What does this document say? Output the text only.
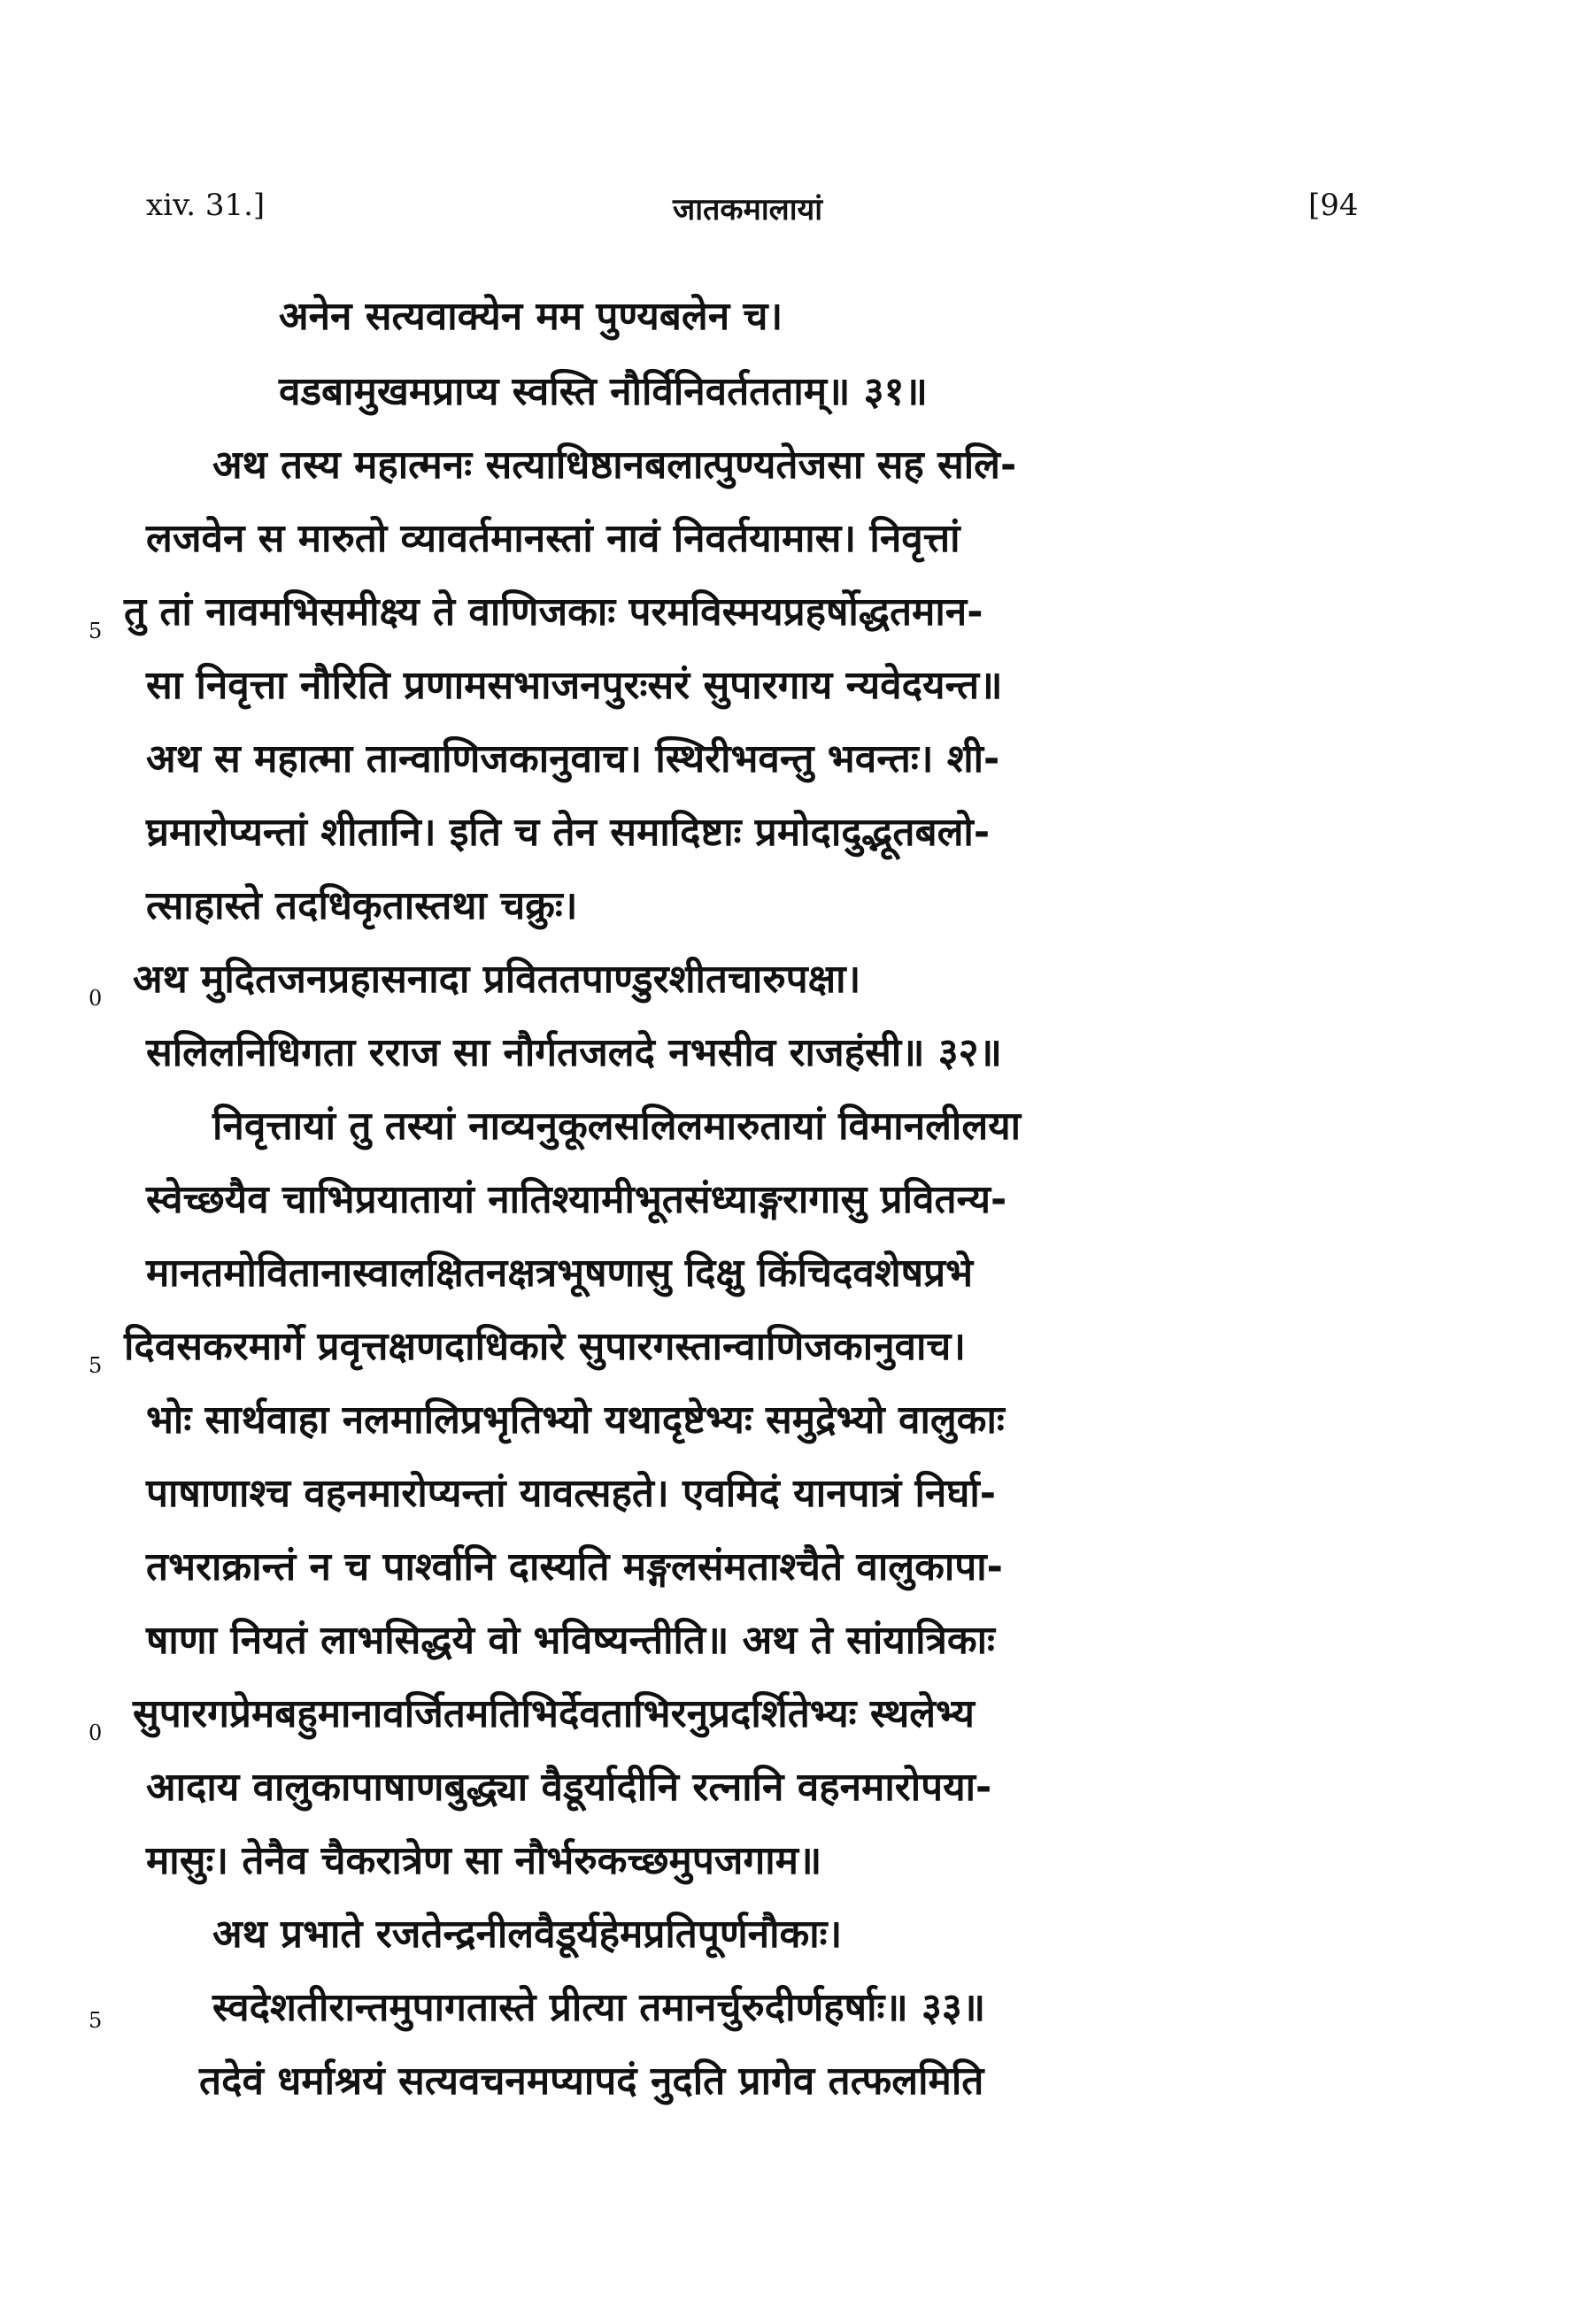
xiv. 31.]	जातकमालायां	[94
5
0
5
0
5
अनेन सत्यवाक्येन मम पुण्यबलेन च।
वडबामुखमप्राप्य स्वस्ति नौर्विनिवर्ततताम्॥ ३१॥
अथ तस्य महात्मनः सत्याधिष्ठानबलात्पुण्यतेजसा सह सलि-
लजवेन स मारुतो व्यावर्तमानस्तां नावं निवर्तयामास। निवृत्तां
तु तां नावमभिसमीक्ष्य ते वाणिजकाः परमविस्मयप्रहर्षोद्धतमान-
सा निवृत्ता नौरिति प्रणामसभाजनपुरःसरं सुपारगाय न्यवेदयन्त॥
अथ स महात्मा तान्वाणिजकानुवाच। स्थिरीभवन्तु भवन्तः। शी-
घ्रमारोप्यन्तां शीतानि। इति च तेन समादिष्टाः प्रमोदादुद्भूतबलो-
त्साहास्ते तदधिकृतास्तथा चक्रुः।
अथ मुदितजनप्रहासनादा प्रविततपाण्डुरशीतचारुपक्षा।
सलिलनिधिगता रराज सा नौर्गतजलदे नभसीव राजहंसी॥ ३२॥
निवृत्तायां तु तस्यां नाव्यनुकूलसलिलमारुतायां विमानलीलया
स्वेच्छयैव चाभिप्रयातायां नातिश्यामीभूतसंध्याङ्गरागासु प्रवितन्य-
मानतमोवितानास्वालक्षितनक्षत्रभूषणासु दिक्षु किंचिदवशेषप्रभे
दिवसकरमार्गे प्रवृत्तक्षणदाधिकारे सुपारगस्तान्वाणिजकानुवाच।
भोः सार्थवाहा नलमालिप्रभृतिभ्यो यथादृष्टेभ्यः समुद्रेभ्यो वालुकाः
पाषाणाश्च वहनमारोप्यन्तां यावत्सहते। एवमिदं यानपात्रं निर्घा-
तभराक्रान्तं न च पार्श्वानि दास्यति मङ्गलसंमताश्चैते वालुकापा-
षाणा नियतं लाभसिद्धये वो भविष्यन्तीति॥ अथ ते सांयात्रिकाः
सुपारगप्रेमबहुमानावर्जितमतिभिर्देवताभिरनुप्रदर्शितेभ्यः स्थलेभ्य
आदाय वालुकापाषाणबुद्ध्या वैडूर्यादीनि रत्नानि वहनमारोपया-
मासुः। तेनैव चैकरात्रेण सा नौर्भरुकच्छमुपजगाम॥
अथ प्रभाते रजतेन्द्रनीलवैडूर्यहेमप्रतिपूर्णनौकाः।
स्वदेशतीरान्तमुपागतास्ते प्रीत्या तमानर्चुरुदीर्णहर्षाः॥ ३३॥
तदेवं धर्माश्रयं सत्यवचनमप्यापदं नुदति प्रागेव तत्फलमिति
